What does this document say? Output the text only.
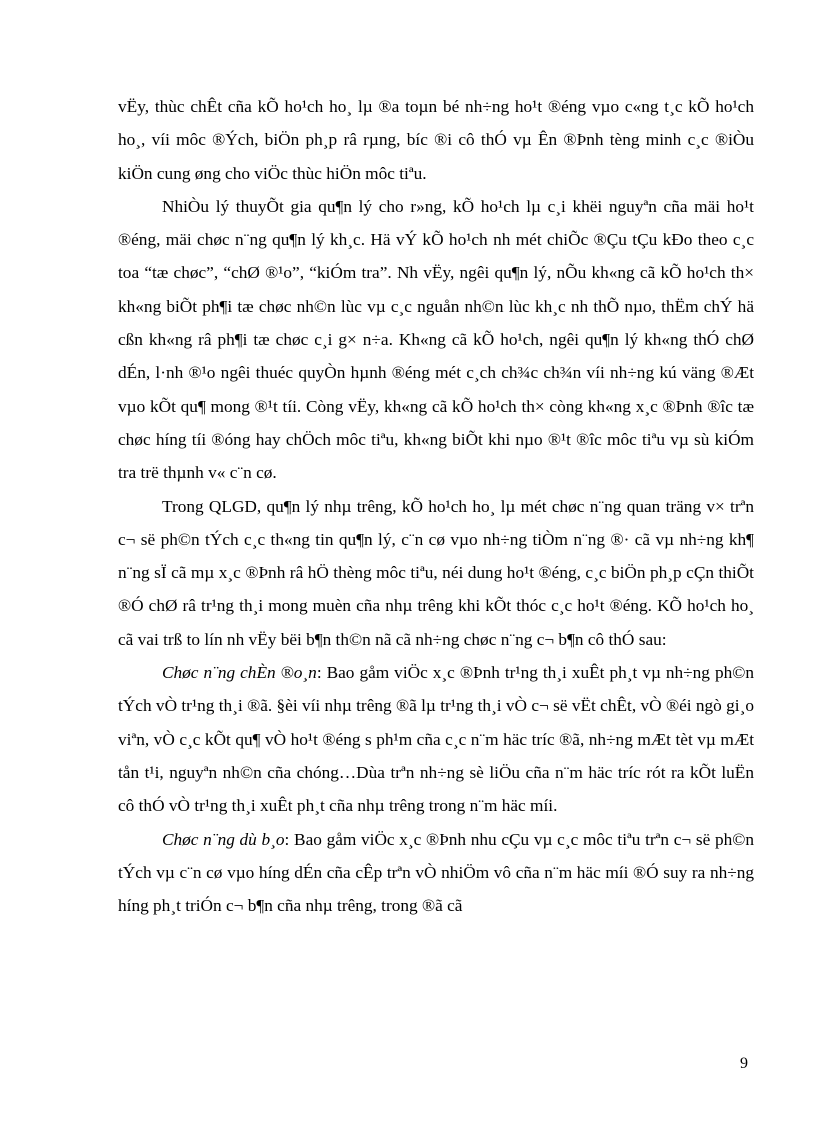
vËy, thùc chÊt cña kÕ ho¹ch ho¸ lµ ®a toµn bé nh÷ng ho¹t ®éng vµo c«ng t¸c kÕ ho¹ch ho¸, víi môc ®Ých, biÖn ph¸p râ rµng, bíc ®i cô thÓ vµ Ên ®Þnh tèng minh c¸c ®iÒu kiÖn cung øng cho viÖc thùc hiÖn môc tiªu.

NhiÒu lý thuyÕt gia qu¶n lý cho r»ng, kÕ ho¹ch lµ c¸i khëi nguyªn cña mäi ho¹t ®éng, mäi chøc n¨ng qu¶n lý kh¸c. Hä vÝ kÕ ho¹ch nh mét chiÕc ®Çu tÇu kÐo theo c¸c toa “tæ chøc”, “chØ ®¹o”, “kiÓm tra”. Nh vËy, ngêi qu¶n lý, nÕu kh«ng cã kÕ ho¹ch th× kh«ng biÕt ph¶i tæ chøc nh©n lùc vµ c¸c nguån nh©n lùc kh¸c nh thÕ nµo, thËm chÝ hä cßn kh«ng râ ph¶i tæ chøc c¸i g× n÷a. Kh«ng cã kÕ ho¹ch, ngêi qu¶n lý kh«ng thÓ chØ dÉn, l·nh ®¹o ngêi thuéc quyÒn hµnh ®éng mét c¸ch ch¾c ch¾n víi nh÷ng kú väng ®Æt vµo kÕt qu¶ mong ®¹t tíi. Còng vËy, kh«ng cã kÕ ho¹ch th× còng kh«ng x¸c ®Þnh ®îc tæ chøc híng tíi ®óng hay chÖch môc tiªu, kh«ng biÕt khi nµo ®¹t ®îc môc tiªu vµ sù kiÓm tra trë thµnh v« c¨n cø.

Trong QLGD, qu¶n lý nhµ trêng, kÕ ho¹ch ho¸ lµ mét chøc n¨ng quan träng v× trªn c¬ së ph©n tÝch c¸c th«ng tin qu¶n lý, c¨n cø vµo nh÷ng tiÒm n¨ng ®· cã vµ nh÷ng kh¶ n¨ng sÏ cã mµ x¸c ®Þnh râ hÖ thèng môc tiªu, néi dung ho¹t ®éng, c¸c biÖn ph¸p cÇn thiÕt ®Ó chØ râ tr¹ng th¸i mong muèn cña nhµ trêng khi kÕt thóc c¸c ho¹t ®éng. KÕ ho¹ch ho¸ cã vai trß to lín nh vËy bëi b¶n th©n nã cã nh÷ng chøc n¨ng c¬ b¶n cô thÓ sau:

Chøc n¨ng chÈn ®o¸n: Bao gåm viÖc x¸c ®Þnh tr¹ng th¸i xuÊt ph¸t vµ nh÷ng ph©n tÝch vÒ tr¹ng th¸i ®ã. §èi víi nhµ trêng ®ã lµ tr¹ng th¸i vÒ c¬ së vËt chÊt, vÒ ®éi ngò gi¸o viªn, vÒ c¸c kÕt qu¶ vÒ ho¹t ®éng s ph¹m cña c¸c n¨m häc tríc ®ã, nh÷ng mÆt tèt vµ mÆt tån t¹i, nguyªn nh©n cña chóng…Dùa trªn nh÷ng sè liÖu cña n¨m häc tríc rót ra kÕt luËn cô thÓ vÒ tr¹ng th¸i xuÊt ph¸t cña nhµ trêng trong n¨m häc míi.

Chøc n¨ng dù b¸o: Bao gåm viÖc x¸c ®Þnh nhu cÇu vµ c¸c môc tiªu trªn c¬ së ph©n tÝch vµ c¨n cø vµo híng dÉn cña cÊp trªn vÒ nhiÖm vô cña n¨m häc míi ®Ó suy ra nh÷ng híng ph¸t triÓn c¬ b¶n cña nhµ trêng, trong ®ã cã

9
